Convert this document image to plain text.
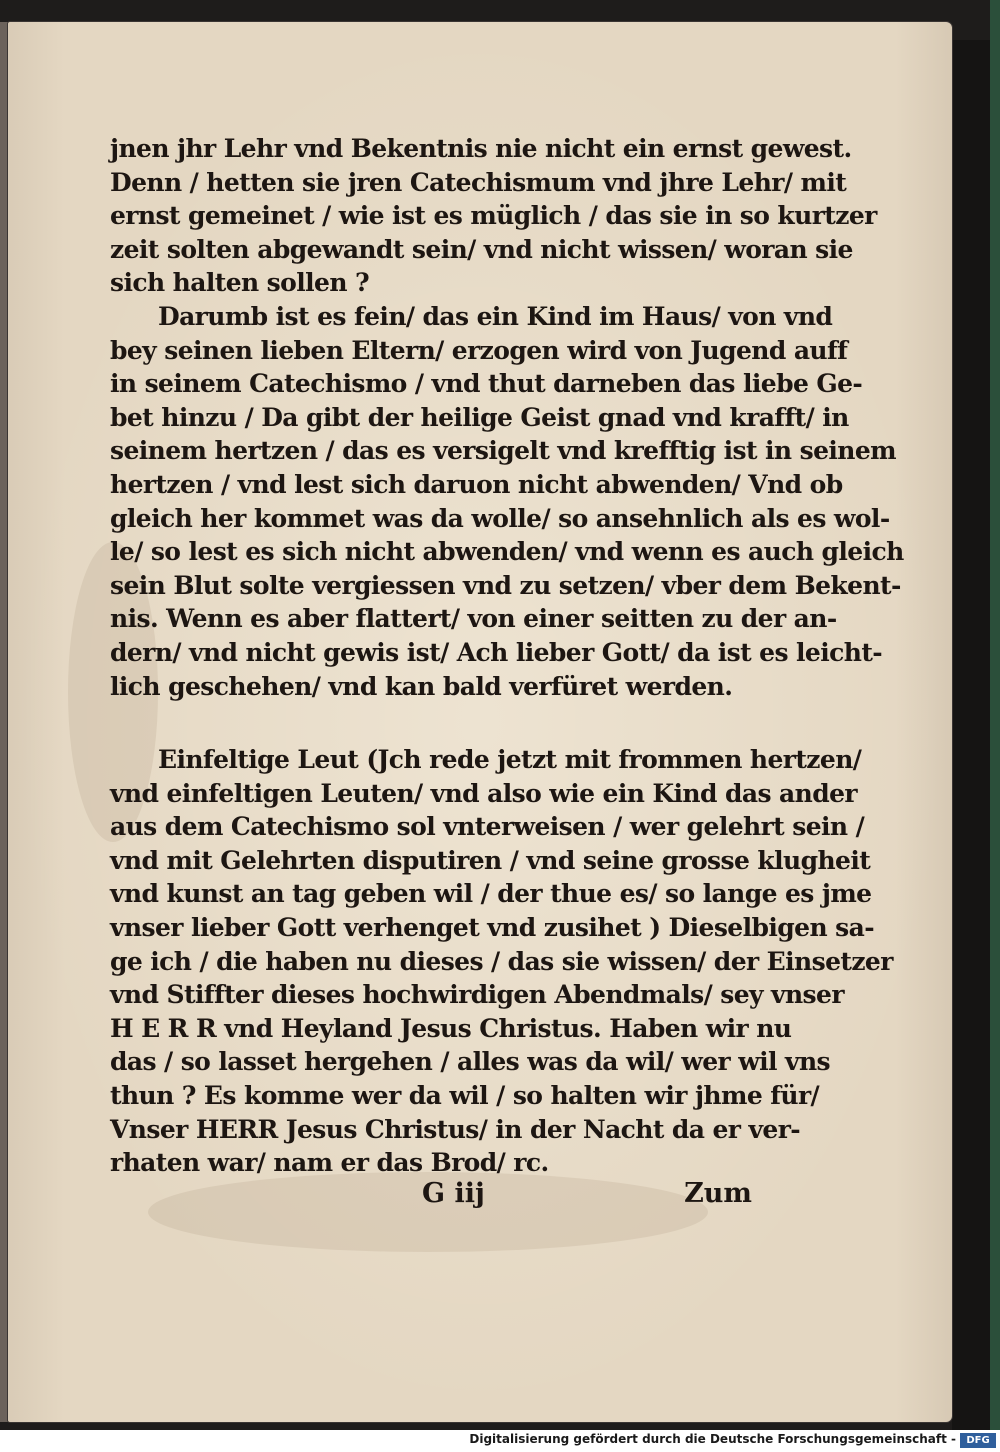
jnen jhr Lehr vnd Bekentnis nie nicht ein ernst gewest.
Denn / hetten sie jren Catechismum vnd jhre Lehr/ mit
ernst gemeinet / wie ist es müglich / das sie in so kurtzer
zeit solten abgewandt sein/ vnd nicht wissen/ woran sie
sich halten sollen ?
Darumb ist es fein/ das ein Kind im Haus/ von vnd
bey seinen lieben Eltern/ erzogen wird von Jugend auff
in seinem Catechismo / vnd thut darneben das liebe Ge-
bet hinzu / Da gibt der heilige Geist gnad vnd krafft/ in
seinem hertzen / das es versigelt vnd krefftig ist in seinem
hertzen / vnd lest sich daruon nicht abwenden/ Vnd ob
gleich her kommet was da wolle/ so ansehnlich als es wol-
le/ so lest es sich nicht abwenden/ vnd wenn es auch gleich
sein Blut solte vergiessen vnd zu setzen/ vber dem Bekent-
nis. Wenn es aber flattert/ von einer seitten zu der an-
dern/ vnd nicht gewis ist/ Ach lieber Gott/ da ist es leicht-
lich geschehen/ vnd kan bald verfüret werden.
Einfeltige Leut (Jch rede jetzt mit frommen hertzen/
vnd einfeltigen Leuten/ vnd also wie ein Kind das ander
aus dem Catechismo sol vnterweisen / wer gelehrt sein /
vnd mit Gelehrten disputiren / vnd seine grosse klugheit
vnd kunst an tag geben wil / der thue es/ so lange es jme
vnser lieber Gott verhenget vnd zusihet ) Dieselbigen sa-
ge ich / die haben nu dieses / das sie wissen/ der Einsetzer
vnd Stiffter dieses hochwirdigen Abendmals/ sey vnser
H E R R vnd Heyland Jesus Christus. Haben wir nu
das / so lasset hergehen / alles was da wil/ wer wil vns
thun ? Es komme wer da wil / so halten wir jhme für/
Vnser HERR Jesus Christus/ in der Nacht da er ver-
rhaten war/ nam er das Brod/ rc.
G iij	Zum
Digitalisierung gefördert durch die Deutsche Forschungsgemeinschaft -	DFG
